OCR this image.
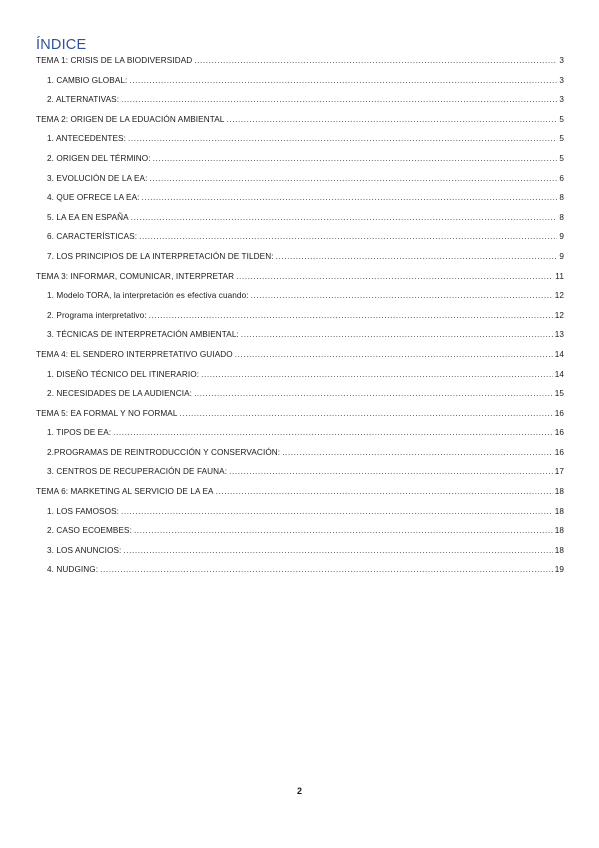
ÍNDICE
TEMA 1: CRISIS DE LA BIODIVERSIDAD .....	3
1. CAMBIO GLOBAL: .....	3
2. ALTERNATIVAS: .....	3
TEMA 2: ORIGEN DE LA EDUACIÓN AMBIENTAL .....	5
1. ANTECEDENTES: .....	5
2. ORIGEN DEL TÉRMINO: .....	5
3. EVOLUCIÓN DE LA EA: .....	6
4. QUE OFRECE LA EA: .....	8
5. LA EA EN ESPAÑA .....	8
6. CARACTERÍSTICAS: .....	9
7. LOS PRINCIPIOS DE LA INTERPRETACIÓN DE TILDEN: .....	9
TEMA 3: INFORMAR, COMUNICAR, INTERPRETAR .....	11
1. Modelo TORA, la interpretación es efectiva cuando: .....	12
2. Programa interpretativo: .....	12
3. TÉCNICAS DE INTERPRETACIÓN AMBIENTAL: .....	13
TEMA 4: EL SENDERO INTERPRETATIVO GUIADO .....	14
1. DISEÑO TÉCNICO DEL ITINERARIO: .....	14
2. NECESIDADES DE LA AUDIENCIA: .....	15
TEMA 5: EA FORMAL Y NO FORMAL .....	16
1. TIPOS DE EA: .....	16
2.PROGRAMAS DE REINTRODUCCIÓN Y CONSERVACIÓN: .....	16
3. CENTROS DE RECUPERACIÓN DE FAUNA: .....	17
TEMA 6: MARKETING AL SERVICIO DE LA EA .....	18
1. LOS FAMOSOS: .....	18
2. CASO ECOEMBES: .....	18
3. LOS ANUNCIOS: .....	18
4. NUDGING: .....	19
2
